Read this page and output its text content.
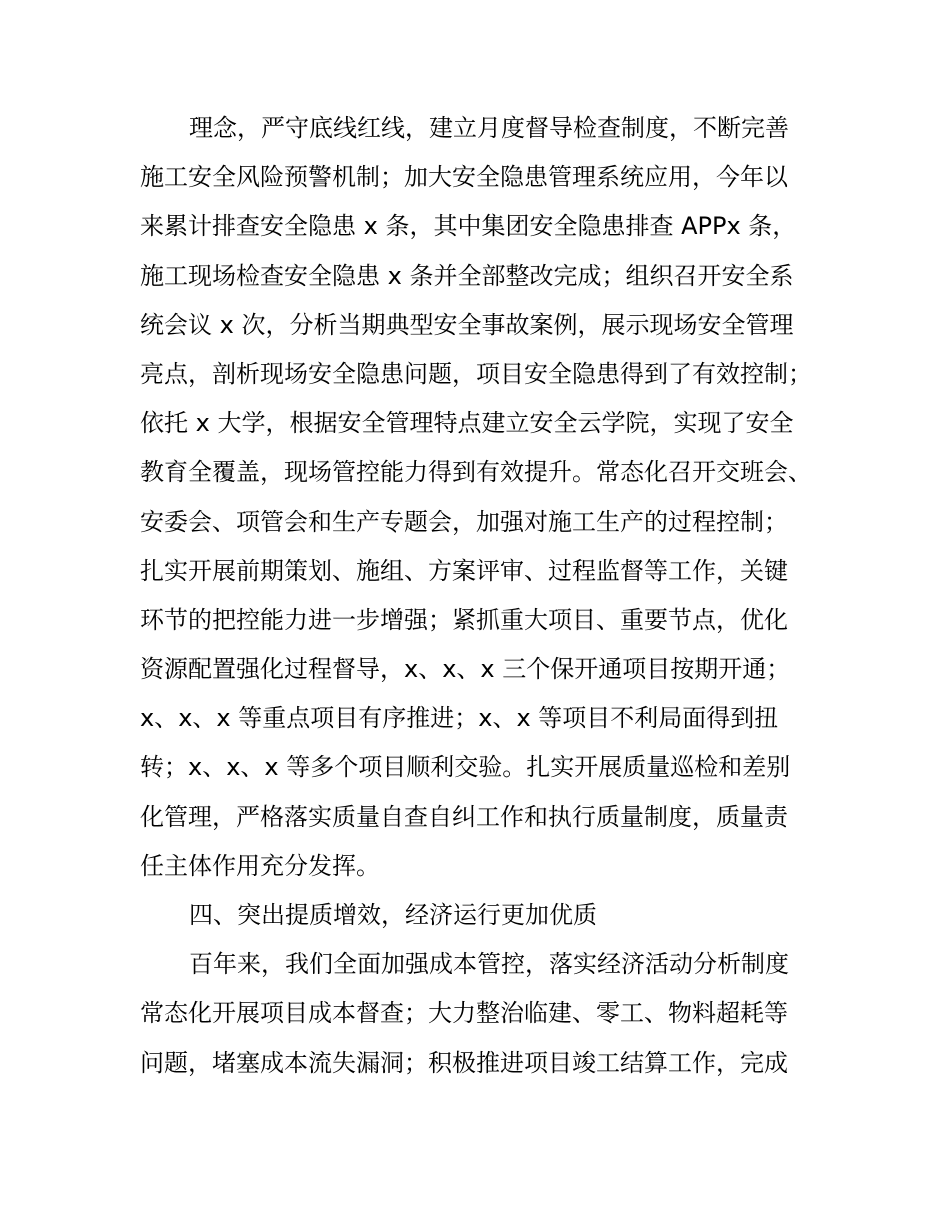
理念，严守底线红线，建立月度督导检查制度，不断完善
施工安全风险预警机制；加大安全隐患管理系统应用，今年以
来累计排查安全隐患 x 条，其中集团安全隐患排查 APPx 条，
施工现场检查安全隐患 x 条并全部整改完成；组织召开安全系
统会议 x 次，分析当期典型安全事故案例，展示现场安全管理
亮点，剖析现场安全隐患问题，项目安全隐患得到了有效控制；
依托 x 大学，根据安全管理特点建立安全云学院，实现了安全
教育全覆盖，现场管控能力得到有效提升。常态化召开交班会、
安委会、项管会和生产专题会，加强对施工生产的过程控制；
扎实开展前期策划、施组、方案评审、过程监督等工作，关键
环节的把控能力进一步增强；紧抓重大项目、重要节点，优化
资源配置强化过程督导，x、x、x 三个保开通项目按期开通；
x、x、x 等重点项目有序推进；x、x 等项目不利局面得到扭
转；x、x、x 等多个项目顺利交验。扎实开展质量巡检和差别
化管理，严格落实质量自查自纠工作和执行质量制度，质量责
任主体作用充分发挥。
四、突出提质增效，经济运行更加优质
百年来，我们全面加强成本管控，落实经济活动分析制度
常态化开展项目成本督查；大力整治临建、零工、物料超耗等
问题，堵塞成本流失漏洞；积极推进项目竣工结算工作，完成
